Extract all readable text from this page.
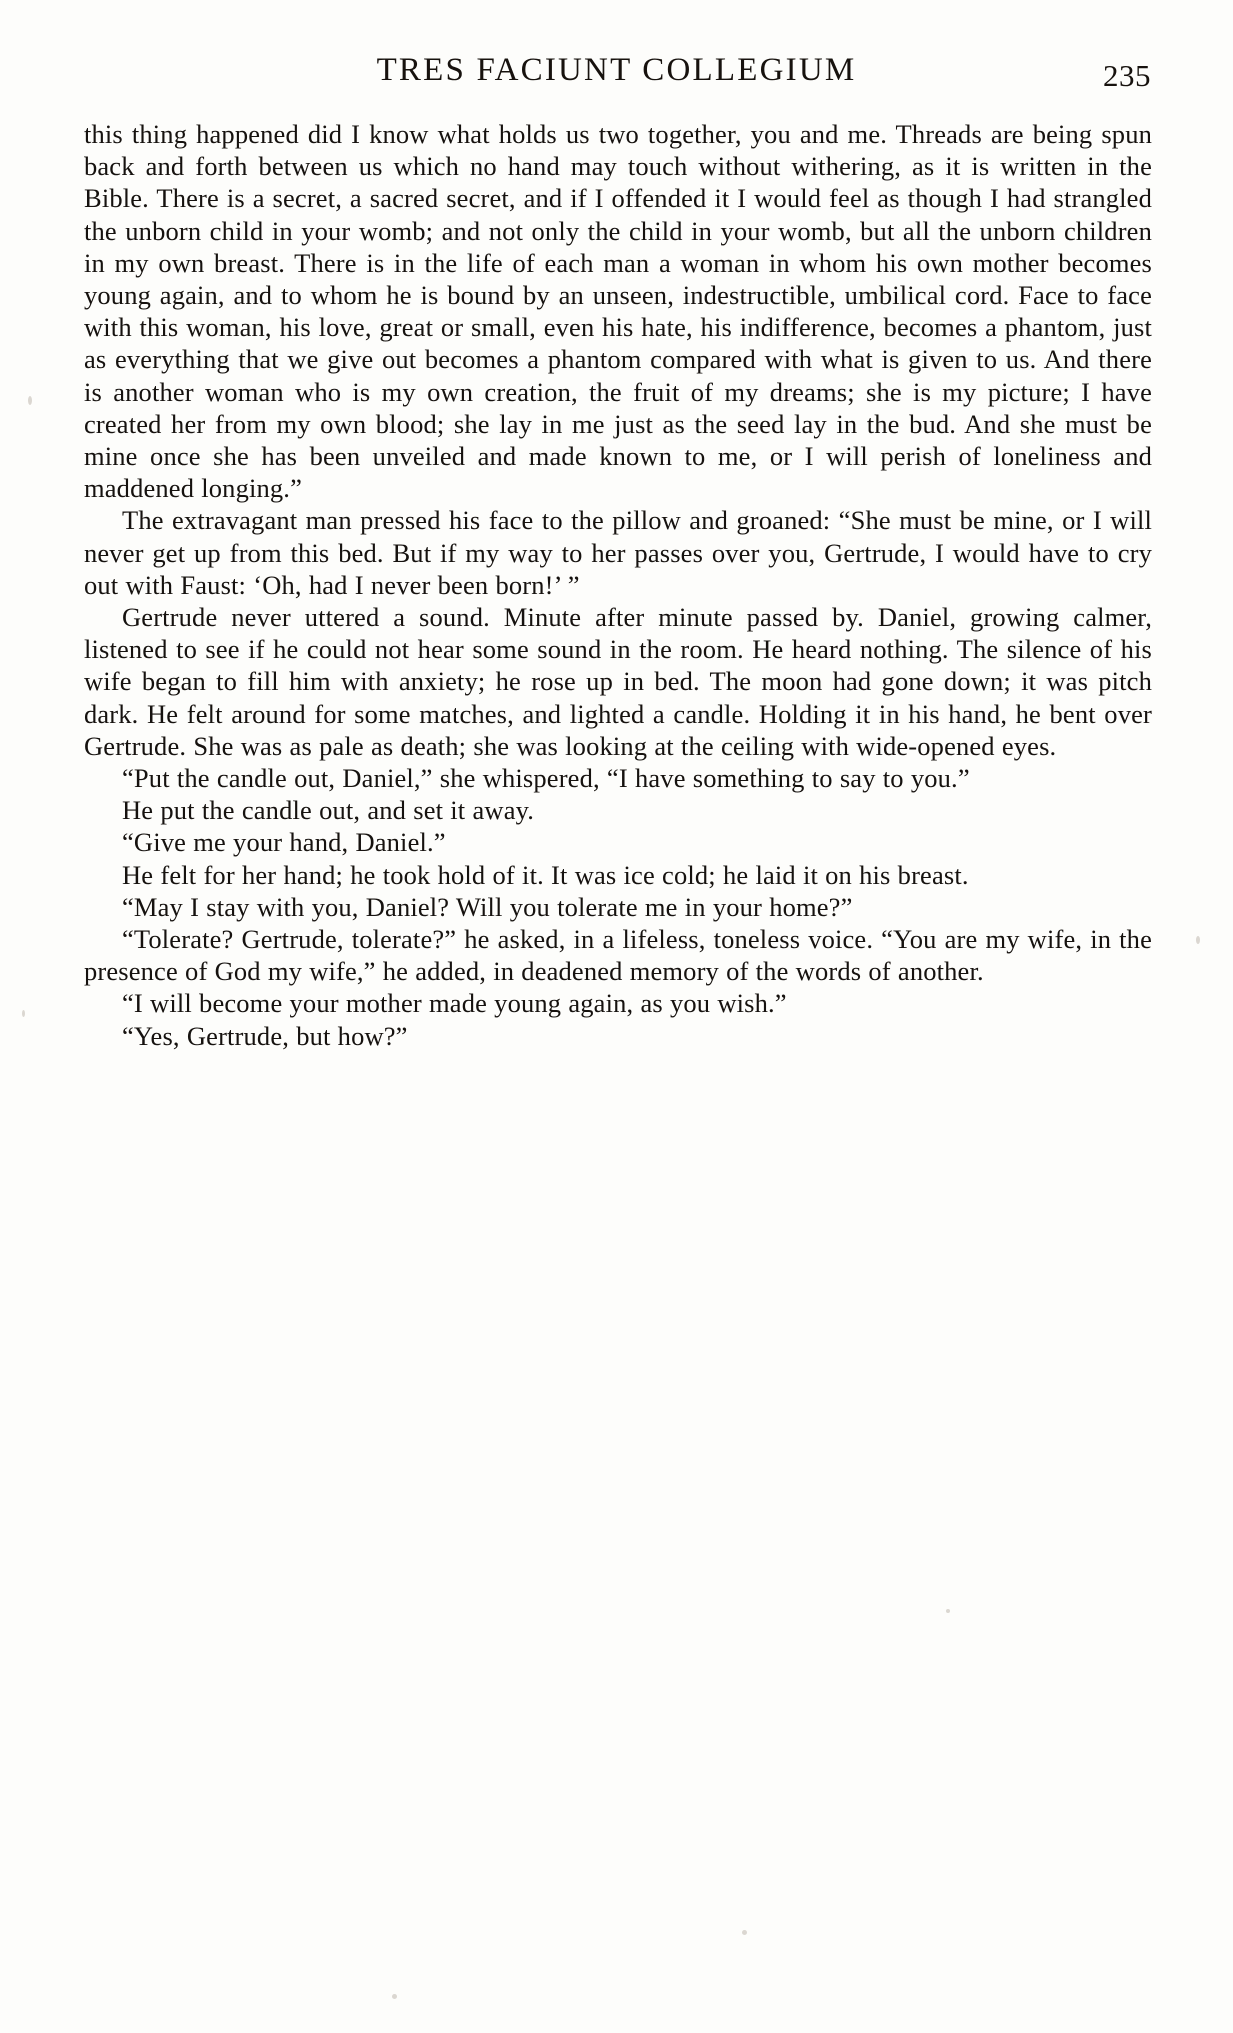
TRES FACIUNT COLLEGIUM	235

this thing happened did I know what holds us two together, you and me. Threads are being spun back and forth between us which no hand may touch without withering, as it is written in the Bible. There is a secret, a sacred secret, and if I offended it I would feel as though I had strangled the unborn child in your womb; and not only the child in your womb, but all the unborn children in my own breast. There is in the life of each man a woman in whom his own mother becomes young again, and to whom he is bound by an unseen, indestructible, umbilical cord. Face to face with this woman, his love, great or small, even his hate, his indifference, becomes a phantom, just as everything that we give out becomes a phantom compared with what is given to us. And there is another woman who is my own creation, the fruit of my dreams; she is my picture; I have created her from my own blood; she lay in me just as the seed lay in the bud. And she must be mine once she has been unveiled and made known to me, or I will perish of loneliness and maddened longing.”

The extravagant man pressed his face to the pillow and groaned: “She must be mine, or I will never get up from this bed. But if my way to her passes over you, Gertrude, I would have to cry out with Faust: ‘Oh, had I never been born!’ ”

Gertrude never uttered a sound. Minute after minute passed by. Daniel, growing calmer, listened to see if he could not hear some sound in the room. He heard nothing. The silence of his wife began to fill him with anxiety; he rose up in bed. The moon had gone down; it was pitch dark. He felt around for some matches, and lighted a candle. Holding it in his hand, he bent over Gertrude. She was as pale as death; she was looking at the ceiling with wide-opened eyes.

“Put the candle out, Daniel,” she whispered, “I have something to say to you.”

He put the candle out, and set it away.

“Give me your hand, Daniel.”

He felt for her hand; he took hold of it. It was ice cold; he laid it on his breast.

“May I stay with you, Daniel? Will you tolerate me in your home?”

“Tolerate? Gertrude, tolerate?” he asked, in a lifeless, toneless voice. “You are my wife, in the presence of God my wife,” he added, in deadened memory of the words of another.

“I will become your mother made young again, as you wish.”

“Yes, Gertrude, but how?”
